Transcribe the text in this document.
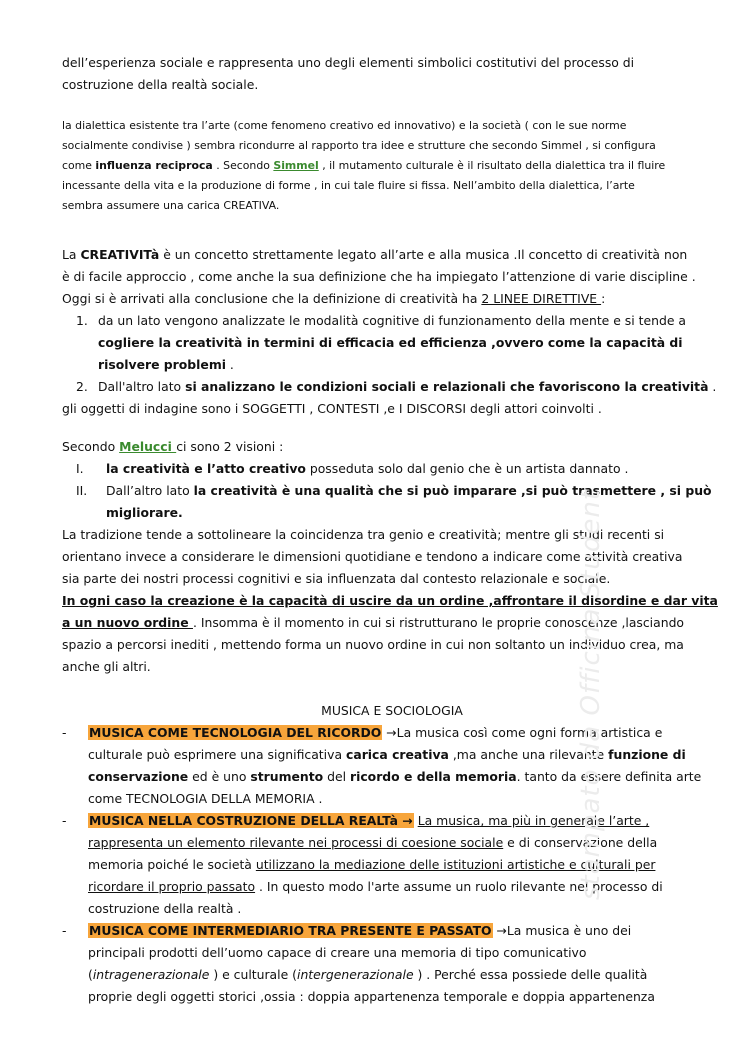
dell’esperienza sociale e rappresenta uno degli elementi simbolici costitutivi del processo di

costruzione della realtà sociale.

la dialettica esistente tra l’arte (come fenomeno creativo ed innovativo) e la società ( con le sue norme

socialmente condivise ) sembra ricondurre al rapporto tra idee e strutture che secondo Simmel , si configura

come influenza reciproca . Secondo Simmel , il mutamento culturale è il risultato della dialettica tra il fluire

incessante della vita e la produzione di forme , in cui tale fluire si fissa. Nell’ambito della dialettica, l’arte

sembra assumere una carica CREATIVA.

La CREATIVITà è un concetto strettamente legato all’arte e alla musica .Il concetto di creatività non

è di facile approccio , come anche la sua definizione che ha impiegato l’attenzione di varie discipline .

Oggi si è arrivati alla conclusione che la definizione di creatività ha 2 LINEE DIRETTIVE :

1. da un lato vengono analizzate le modalità cognitive di funzionamento della mente e si tende a

cogliere la creatività in termini di efficacia ed efficienza ,ovvero come la capacità di

risolvere problemi .

2. Dall'altro lato si analizzano le condizioni sociali e relazionali che favoriscono la creatività .

gli oggetti di indagine sono i SOGGETTI , CONTESTI ,e I DISCORSI degli attori coinvolti .

Secondo Melucci ci sono 2 visioni :

I.	la creatività e l’atto creativo posseduta solo dal genio che è un artista dannato .

II.	Dall’altro lato la creatività è una qualità che si può imparare ,si può trasmettere , si può

migliorare.

La tradizione tende a sottolineare la coincidenza tra genio e creatività; mentre gli studi recenti si

orientano invece a considerare le dimensioni quotidiane e tendono a indicare come attività creativa

sia parte dei nostri processi cognitivi e sia influenzata dal contesto relazionale e sociale.

In ogni caso la creazione è la capacità di uscire da un ordine ,affrontare il disordine e dar vita

a un nuovo ordine . Insomma è il momento in cui si ristrutturano le proprie conoscenze ,lasciando

spazio a percorsi inediti , mettendo forma un nuovo ordine in cui non soltanto un individuo crea, ma

anche gli altri.

MUSICA E SOCIOLOGIA

-	MUSICA COME TECNOLOGIA DEL RICORDO →La musica così come ogni forma artistica e

culturale può esprimere una significativa carica creativa ,ma anche una rilevante funzione di

conservazione ed è uno strumento del ricordo e della memoria. tanto da essere definita arte

come TECNOLOGIA DELLA MEMORIA .

-	MUSICA NELLA COSTRUZIONE DELLA REALTà → La musica, ma più in generale l’arte ,

rappresenta un elemento rilevante nei processi di coesione sociale e di conservazione della

memoria poiché le società utilizzano la mediazione delle istituzioni artistiche e culturali per

ricordare il proprio passato . In questo modo l'arte assume un ruolo rilevante nel processo di

costruzione della realtà .

-	MUSICA COME INTERMEDIARIO TRA PRESENTE E PASSATO →La musica è uno dei

principali prodotti dell’uomo capace di creare una memoria di tipo comunicativo

(intragenerazionale ) e culturale (intergenerazionale ) . Perché essa possiede delle qualità

proprie degli oggetti storici ,ossia : doppia appartenenza temporale e doppia appartenenza

stampato da Officina Student
